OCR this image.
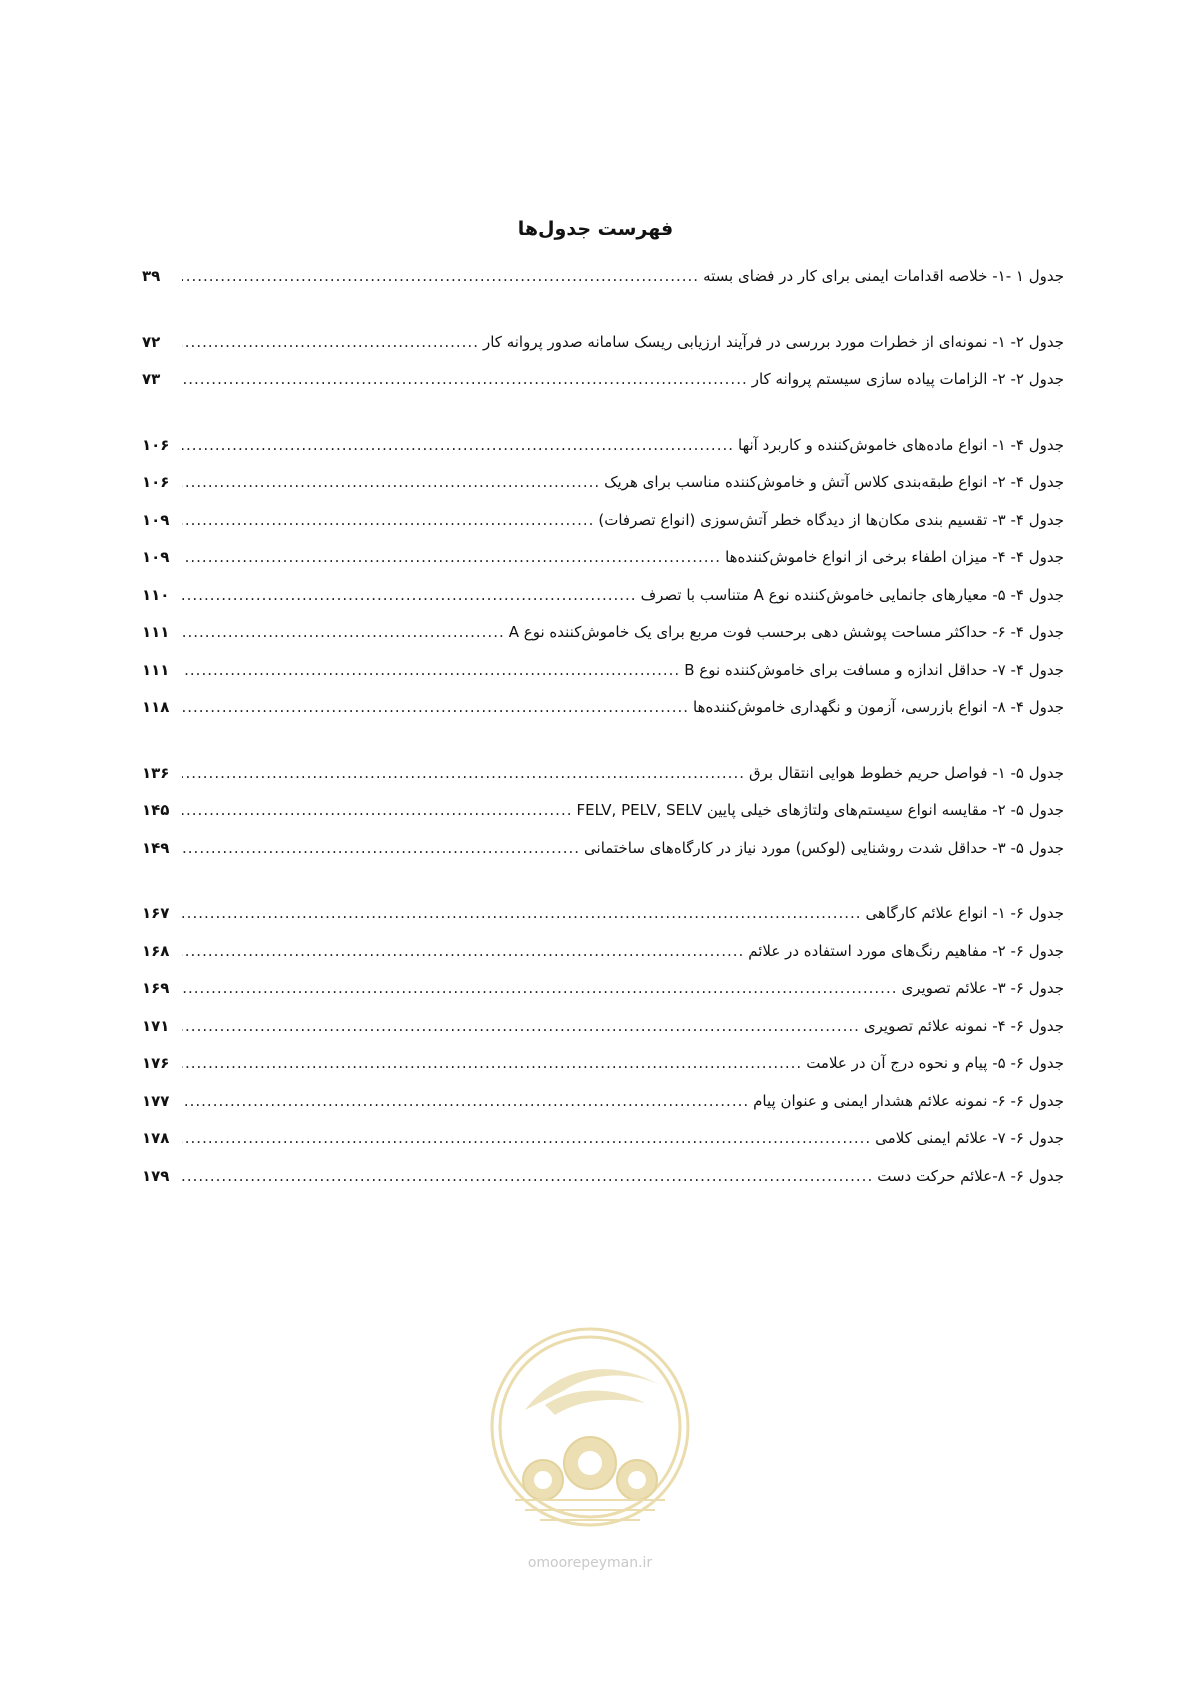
فهرست جدول‌ها
جدول ۱ -۱- خلاصه اقدامات ایمنی برای کار در فضای بسته
.....
۳۹
جدول ۲- ۱- نمونه‌ای از خطرات مورد بررسی در فرآیند ارزیابی ریسک سامانه صدور پروانه کار
.....
۷۲
جدول ۲- ۲- الزامات پیاده سازی سیستم پروانه کار
.....
۷۳
جدول ۴- ۱- انواع ماده‌های خاموش‌کننده و کاربرد آنها
.....
۱۰۶
جدول ۴- ۲- انواع طبقه‌بندی کلاس آتش و خاموش‌کننده مناسب برای هریک
.....
۱۰۶
جدول ۴- ۳- تقسیم بندی مکان‌ها از دیدگاه خطر آتش‌سوزی (انواع تصرفات)
.....
۱۰۹
جدول ۴- ۴- میزان اطفاء برخی از انواع خاموش‌کننده‌ها
.....
۱۰۹
جدول ۴- ۵- معیارهای جانمایی خاموش‌کننده نوع A متناسب با تصرف
.....
۱۱۰
جدول ۴- ۶- حداکثر مساحت پوشش دهی برحسب فوت مربع برای یک خاموش‌کننده نوع A
.....
۱۱۱
جدول ۴- ۷- حداقل اندازه و مسافت برای خاموش‌کننده نوع B
.....
۱۱۱
جدول ۴- ۸- انواع بازرسی، آزمون و نگهداری خاموش‌کننده‌ها
.....
۱۱۸
جدول ۵- ۱- فواصل حریم خطوط هوایی انتقال برق
.....
۱۳۶
جدول ۵- ۲- مقایسه انواع سیستم‌های ولتاژهای خیلی پایین FELV, PELV, SELV
.....
۱۴۵
جدول ۵- ۳- حداقل شدت روشنایی (لوکس) مورد نیاز در کارگاه‌های ساختمانی
.....
۱۴۹
جدول ۶- ۱- انواع علائم کارگاهی
.....
۱۶۷
جدول ۶- ۲- مفاهیم رنگ‌های مورد استفاده در علائم
.....
۱۶۸
جدول ۶- ۳- علائم تصویری
.....
۱۶۹
جدول ۶- ۴- نمونه علائم تصویری
.....
۱۷۱
جدول ۶- ۵- پیام و نحوه درج آن در علامت
.....
۱۷۶
جدول ۶- ۶- نمونه علائم هشدار ایمنی و عنوان پیام
.....
۱۷۷
جدول ۶- ۷- علائم ایمنی کلامی
.....
۱۷۸
جدول ۶- ۸-علائم حرکت دست
.....
۱۷۹
omoorepeyman.ir
